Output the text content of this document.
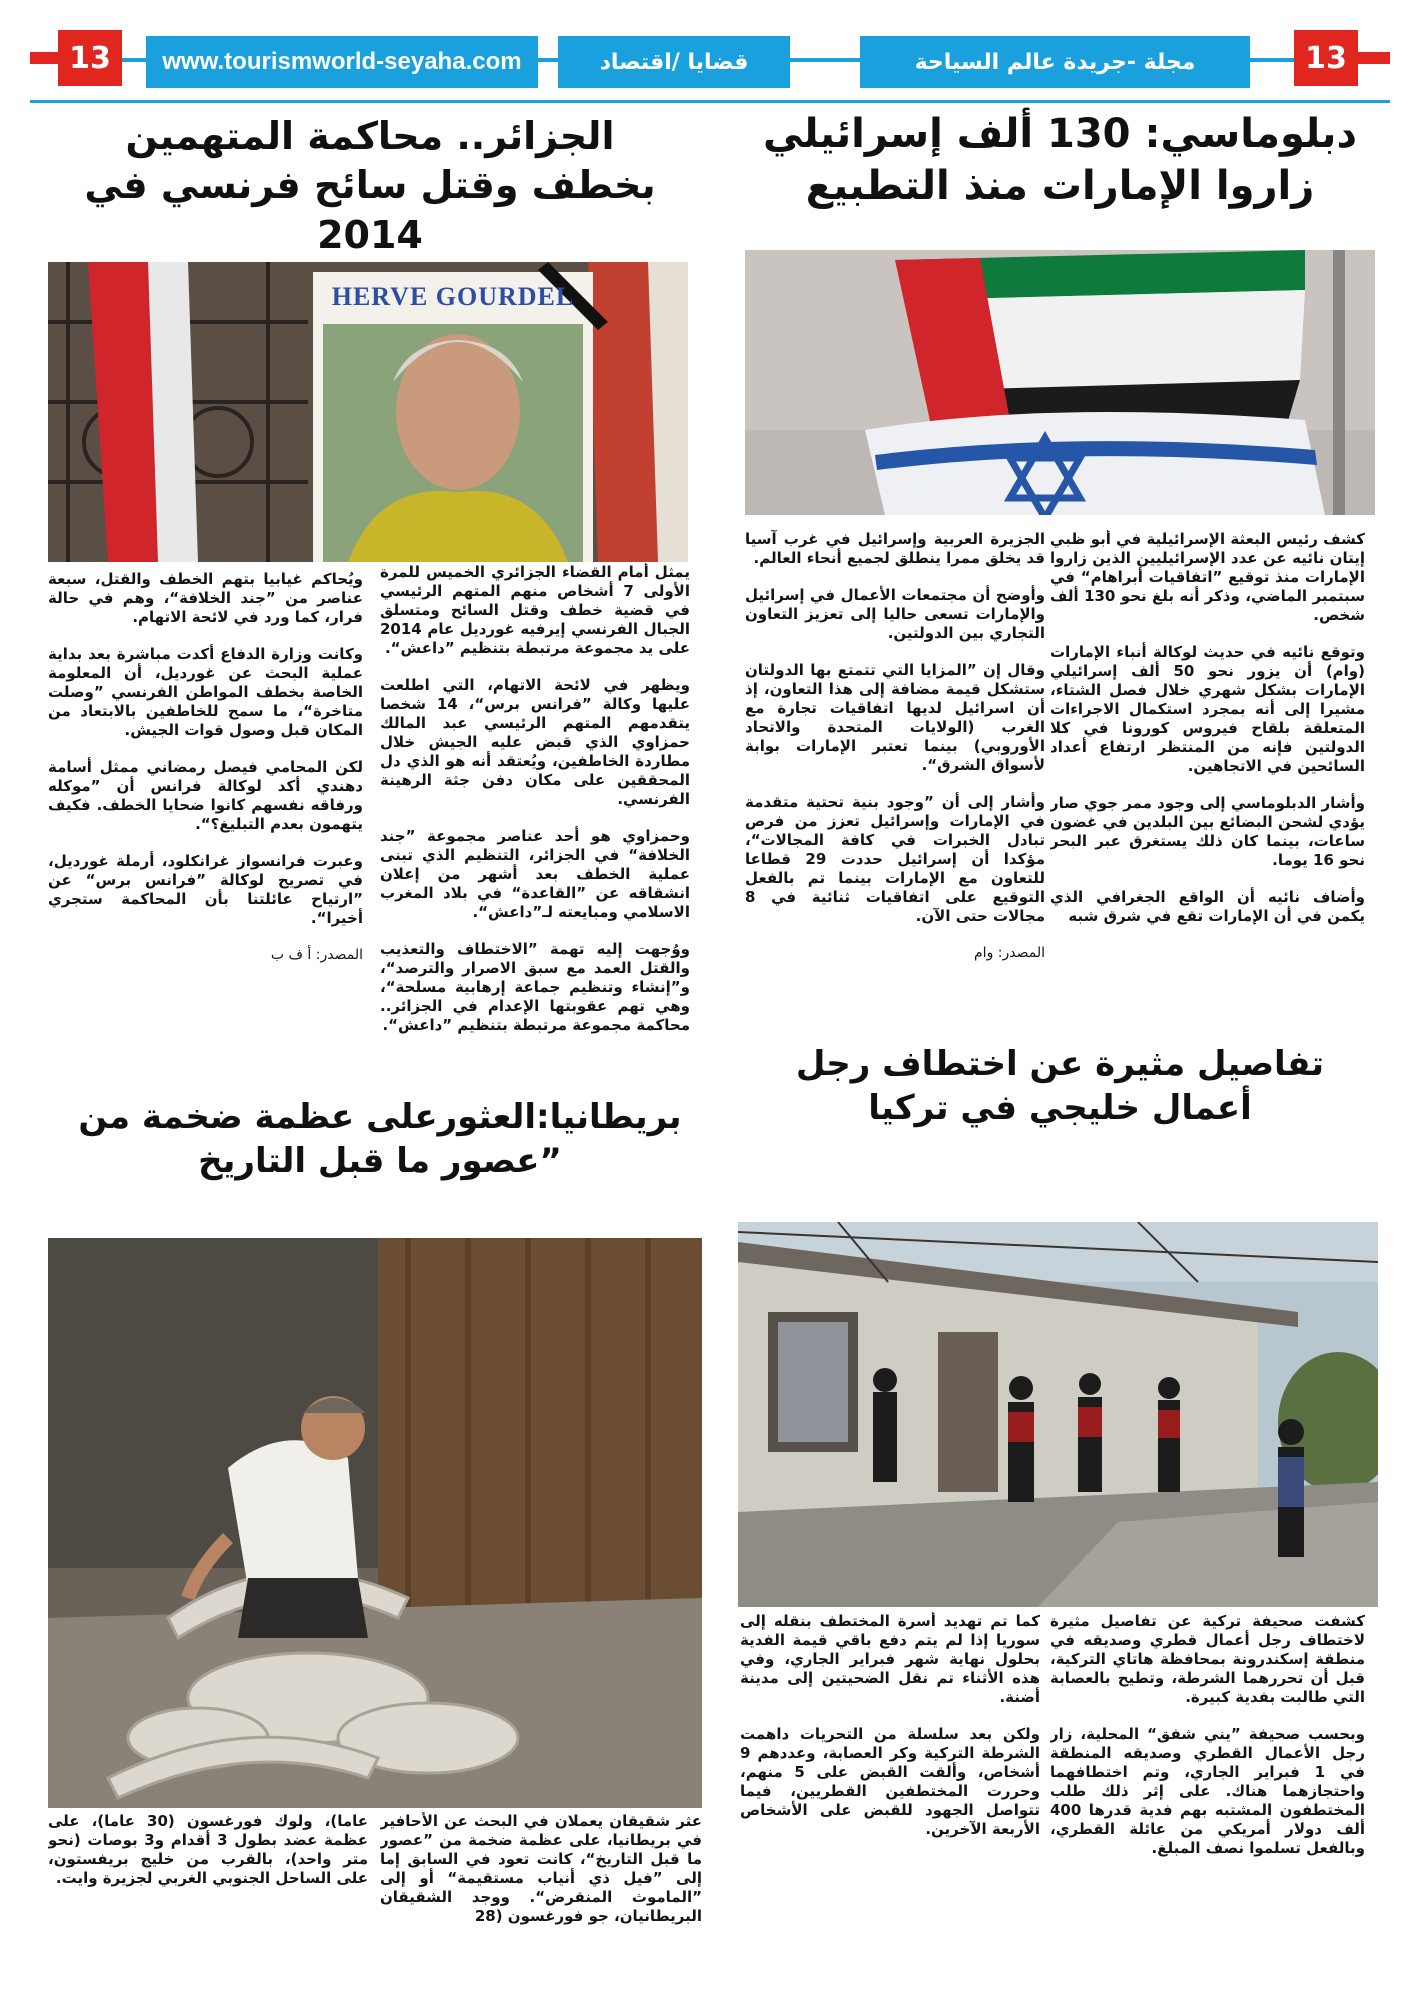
13	www.tourismworld-seyaha.com	قضايا /اقتصاد	مجلة -جريدة عالم السياحة	13
دبلوماسي: 130 ألف إسرائيلي زاروا الإمارات منذ التطبيع

كشف رئيس البعثة الإسرائيلية في أبو ظبي إيتان نائيه عن عدد الإسرائيليين الذين زاروا الإمارات منذ توقيع ”اتفاقيات أبراهام“ في سبتمبر الماضي، وذكر أنه بلغ نحو 130 ألف شخص.

وتوقع نائيه في حديث لوكالة أنباء الإمارات (وام) أن يزور نحو 50 ألف إسرائيلي الإمارات بشكل شهري خلال فصل الشتاء، مشيرا إلى أنه بمجرد استكمال الاجراءات المتعلقة بلقاح فيروس كورونا في كلا الدولتين فإنه من المنتظر ارتفاع أعداد السائحين في الاتجاهين.

وأشار الدبلوماسي إلى وجود ممر جوي صار يؤدي لشحن البضائع بين البلدين في غضون ساعات، بينما كان ذلك يستغرق عبر البحر نحو 16 يوما.

وأضاف نائيه أن الواقع الجغرافي الذي يكمن في أن الإمارات تقع في شرق شبه

الجزيرة العربية وإسرائيل في غرب آسيا قد يخلق ممرا ينطلق لجميع أنحاء العالم.

وأوضح أن مجتمعات الأعمال في إسرائيل والإمارات تسعى حاليا إلى تعزيز التعاون التجاري بين الدولتين.

وقال إن ”المزايا التي تتمتع بها الدولتان ستشكل قيمة مضافة إلى هذا التعاون، إذ أن اسرائيل لديها اتفاقيات تجارة مع الغرب (الولايات المتحدة والاتحاد الأوروبي) بينما تعتبر الإمارات بوابة لأسواق الشرق“.

وأشار إلى أن ”وجود بنية تحتية متقدمة في الإمارات وإسرائيل تعزز من فرص تبادل الخبرات في كافة المجالات“، مؤكدا أن إسرائيل حددت 29 قطاعا للتعاون مع الإمارات بينما تم بالفعل التوقيع على اتفاقيات ثنائية في 8 مجالات حتى الآن.

المصدر: وام

الجزائر.. محاكمة المتهمين بخطف وقتل سائح فرنسي في 2014
HERVE GOURDEL

يمثل أمام القضاء الجزائري الخميس للمرة الأولى 7 أشخاص منهم المتهم الرئيسي في قضية خطف وقتل السائح ومتسلق الجبال الفرنسي إيرفيه غورديل عام 2014 على يد مجموعة مرتبطة بتنظيم ”داعش“.

ويظهر في لائحة الاتهام، التي اطلعت عليها وكالة ”فرانس برس“، 14 شخصا يتقدمهم المتهم الرئيسي عبد المالك حمزاوي الذي قبض عليه الجيش خلال مطاردة الخاطفين، ويُعتقد أنه هو الذي دل المحققين على مكان دفن جثة الرهينة الفرنسي.

وحمزاوي هو أحد عناصر مجموعة ”جند الخلافة“ في الجزائر، التنظيم الذي تبنى عملية الخطف بعد أشهر من إعلان انشقاقه عن ”القاعدة“ في بلاد المغرب الاسلامي ومبايعته لـ”داعش“.

ووُجهت إليه تهمة ”الاختطاف والتعذيب والقتل العمد مع سبق الاصرار والترصد“، و”إنشاء وتنظيم جماعة إرهابية مسلحة“، وهي تهم عقوبتها الإعدام في الجزائر.. محاكمة مجموعة مرتبطة بتنظيم ”داعش“.

ويُحاكم غيابيا بتهم الخطف والقتل، سبعة عناصر من ”جند الخلافة“، وهم في حالة فرار، كما ورد في لائحة الاتهام.

وكانت وزارة الدفاع أكدت مباشرة بعد بداية عملية البحث عن غورديل، أن المعلومة الخاصة بخطف المواطن الفرنسي ”وصلت متاخرة“، ما سمح للخاطفين بالابتعاد من المكان قبل وصول قوات الجيش.

لكن المحامي فيصل رمضاني ممثل أسامة دهندي أكد لوكالة فرانس أن ”موكله ورفاقه نفسهم كانوا ضحايا الخطف. فكيف يتهمون بعدم التبليغ؟“.

وعبرت فرانسواز غرانكلود، أرملة غورديل، في تصريح لوكالة ”فرانس برس“ عن ”ارتياح عائلتنا بأن المحاكمة ستجري أخيرا“.

المصدر: أ ف ب

تفاصيل مثيرة عن اختطاف رجل أعمال خليجي في تركيا

كشفت صحيفة تركية عن تفاصيل مثيرة لاختطاف رجل أعمال قطري وصديقه في منطقة إسكندرونة بمحافظة هاتاي التركية، قبل أن تحررهما الشرطة، وتطيح بالعصابة التي طالبت بفدية كبيرة.

وبحسب صحيفة ”يني شفق“ المحلية، زار رجل الأعمال القطري وصديقه المنطقة في 1 فبراير الجاري، وتم اختطافهما واحتجازهما هناك. على إثر ذلك طلب المختطفون المشتبه بهم فدية قدرها 400 ألف دولار أمريكي من عائلة القطري، وبالفعل تسلموا نصف المبلغ.

كما تم تهديد أسرة المختطف بنقله إلى سوريا إذا لم يتم دفع باقي قيمة الفدية بحلول نهاية شهر فبراير الجاري، وفي هذه الأثناء تم نقل الضحيتين إلى مدينة أضنة.

ولكن بعد سلسلة من التحريات داهمت الشرطة التركية وكر العصابة، وعددهم 9 أشخاص، وألقت القبض على 5 منهم، وحررت المختطفين القطريين، فيما تتواصل الجهود للقبض على الأشخاص الأربعة الآخرين.

بريطانيا:العثورعلى عظمة ضخمة من ”عصور ما قبل التاريخ

عثر شقيقان يعملان في البحث عن الأحافير في بريطانيا، على عظمة ضخمة من ”عصور ما قبل التاريخ“، كانت تعود في السابق إما إلى ”فيل ذي أنياب مستقيمة“ أو إلى ”الماموث المنقرض“. ووجد الشقيقان البريطانيان، جو فورغسون (28

عاما)، ولوك فورغسون (30 عاما)، على عظمة عضد بطول 3 أقدام و3 بوصات (نحو متر واحد)، بالقرب من خليج بريفستون، على الساحل الجنوبي الغربي لجزيرة وايت.
